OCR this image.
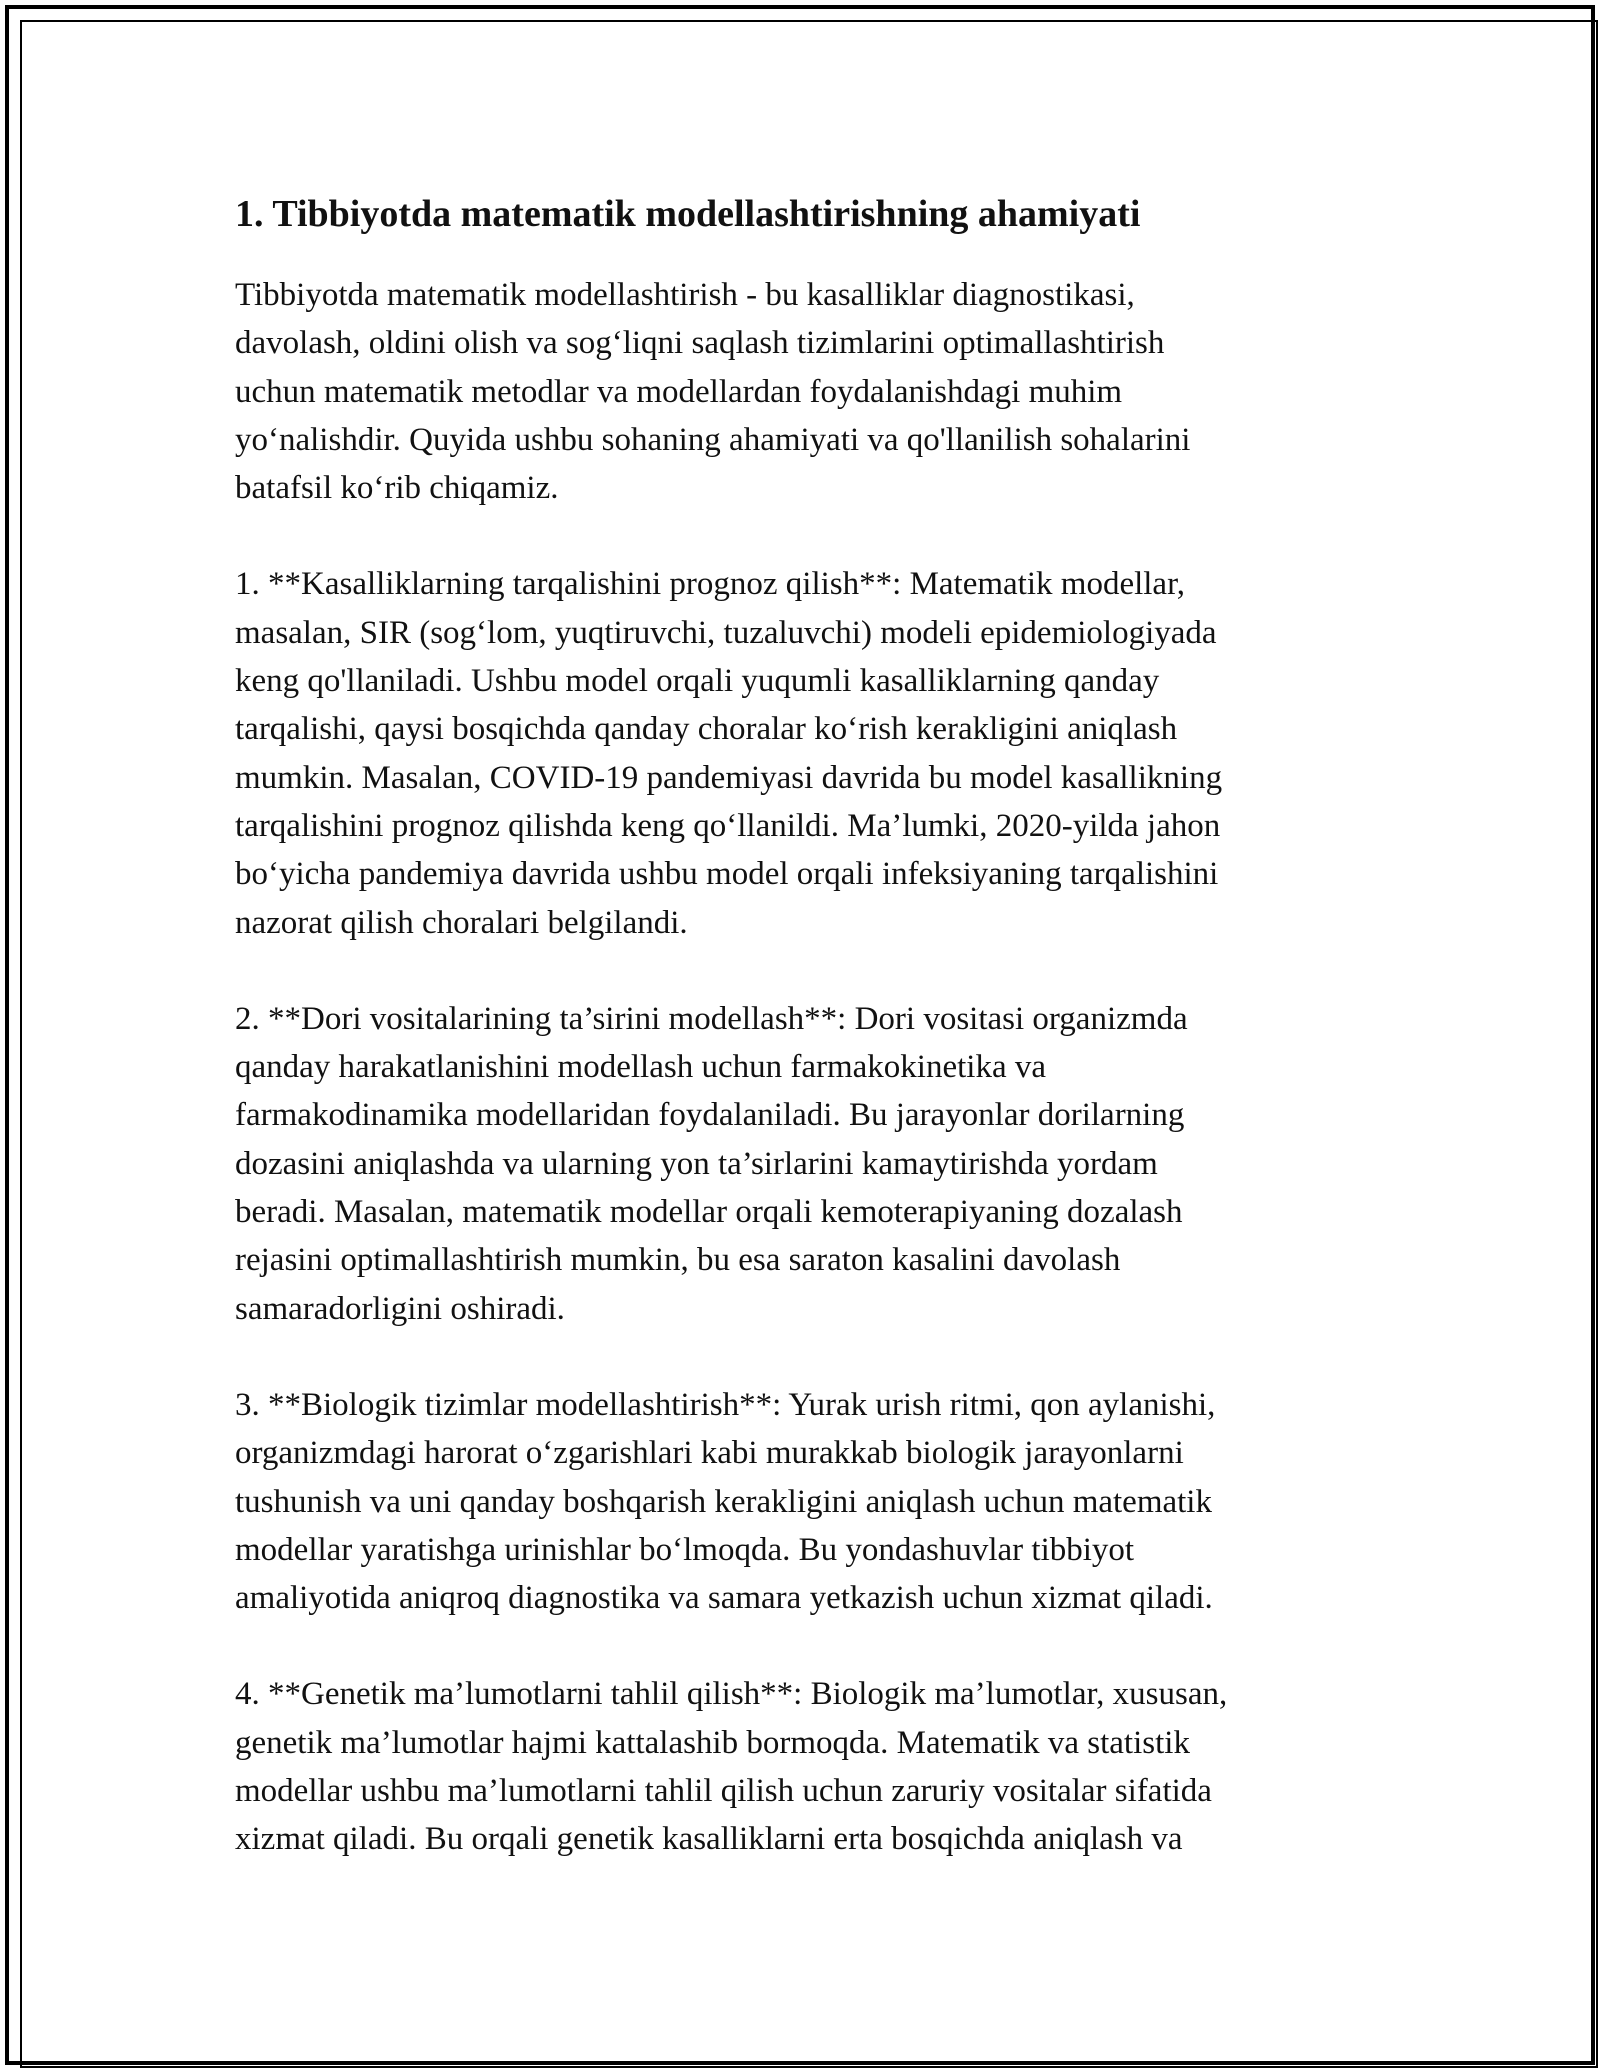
1. Tibbiyotda matematik modellashtirishning ahamiyati

Tibbiyotda matematik modellashtirish - bu kasalliklar diagnostikasi,
davolash, oldini olish va sog‘liqni saqlash tizimlarini optimallashtirish
uchun matematik metodlar va modellardan foydalanishdagi muhim
yo‘nalishdir. Quyida ushbu sohaning ahamiyati va qo'llanilish sohalarini
batafsil ko‘rib chiqamiz.

1. **Kasalliklarning tarqalishini prognoz qilish**: Matematik modellar,
masalan, SIR (sog‘lom, yuqtiruvchi, tuzaluvchi) modeli epidemiologiyada
keng qo'llaniladi. Ushbu model orqali yuqumli kasalliklarning qanday
tarqalishi, qaysi bosqichda qanday choralar ko‘rish kerakligini aniqlash
mumkin. Masalan, COVID-19 pandemiyasi davrida bu model kasallikning
tarqalishini prognoz qilishda keng qo‘llanildi. Ma’lumki, 2020-yilda jahon
bo‘yicha pandemiya davrida ushbu model orqali infeksiyaning tarqalishini
nazorat qilish choralari belgilandi.

2. **Dori vositalarining ta’sirini modellash**: Dori vositasi organizmda
qanday harakatlanishini modellash uchun farmakokinetika va
farmakodinamika modellaridan foydalaniladi. Bu jarayonlar dorilarning
dozasini aniqlashda va ularning yon ta’sirlarini kamaytirishda yordam
beradi. Masalan, matematik modellar orqali kemoterapiyaning dozalash
rejasini optimallashtirish mumkin, bu esa saraton kasalini davolash
samaradorligini oshiradi.

3. **Biologik tizimlar modellashtirish**: Yurak urish ritmi, qon aylanishi,
organizmdagi harorat o‘zgarishlari kabi murakkab biologik jarayonlarni
tushunish va uni qanday boshqarish kerakligini aniqlash uchun matematik
modellar yaratishga urinishlar bo‘lmoqda. Bu yondashuvlar tibbiyot
amaliyotida aniqroq diagnostika va samara yetkazish uchun xizmat qiladi.

4. **Genetik ma’lumotlarni tahlil qilish**: Biologik ma’lumotlar, xususan,
genetik ma’lumotlar hajmi kattalashib bormoqda. Matematik va statistik
modellar ushbu ma’lumotlarni tahlil qilish uchun zaruriy vositalar sifatida
xizmat qiladi. Bu orqali genetik kasalliklarni erta bosqichda aniqlash va
